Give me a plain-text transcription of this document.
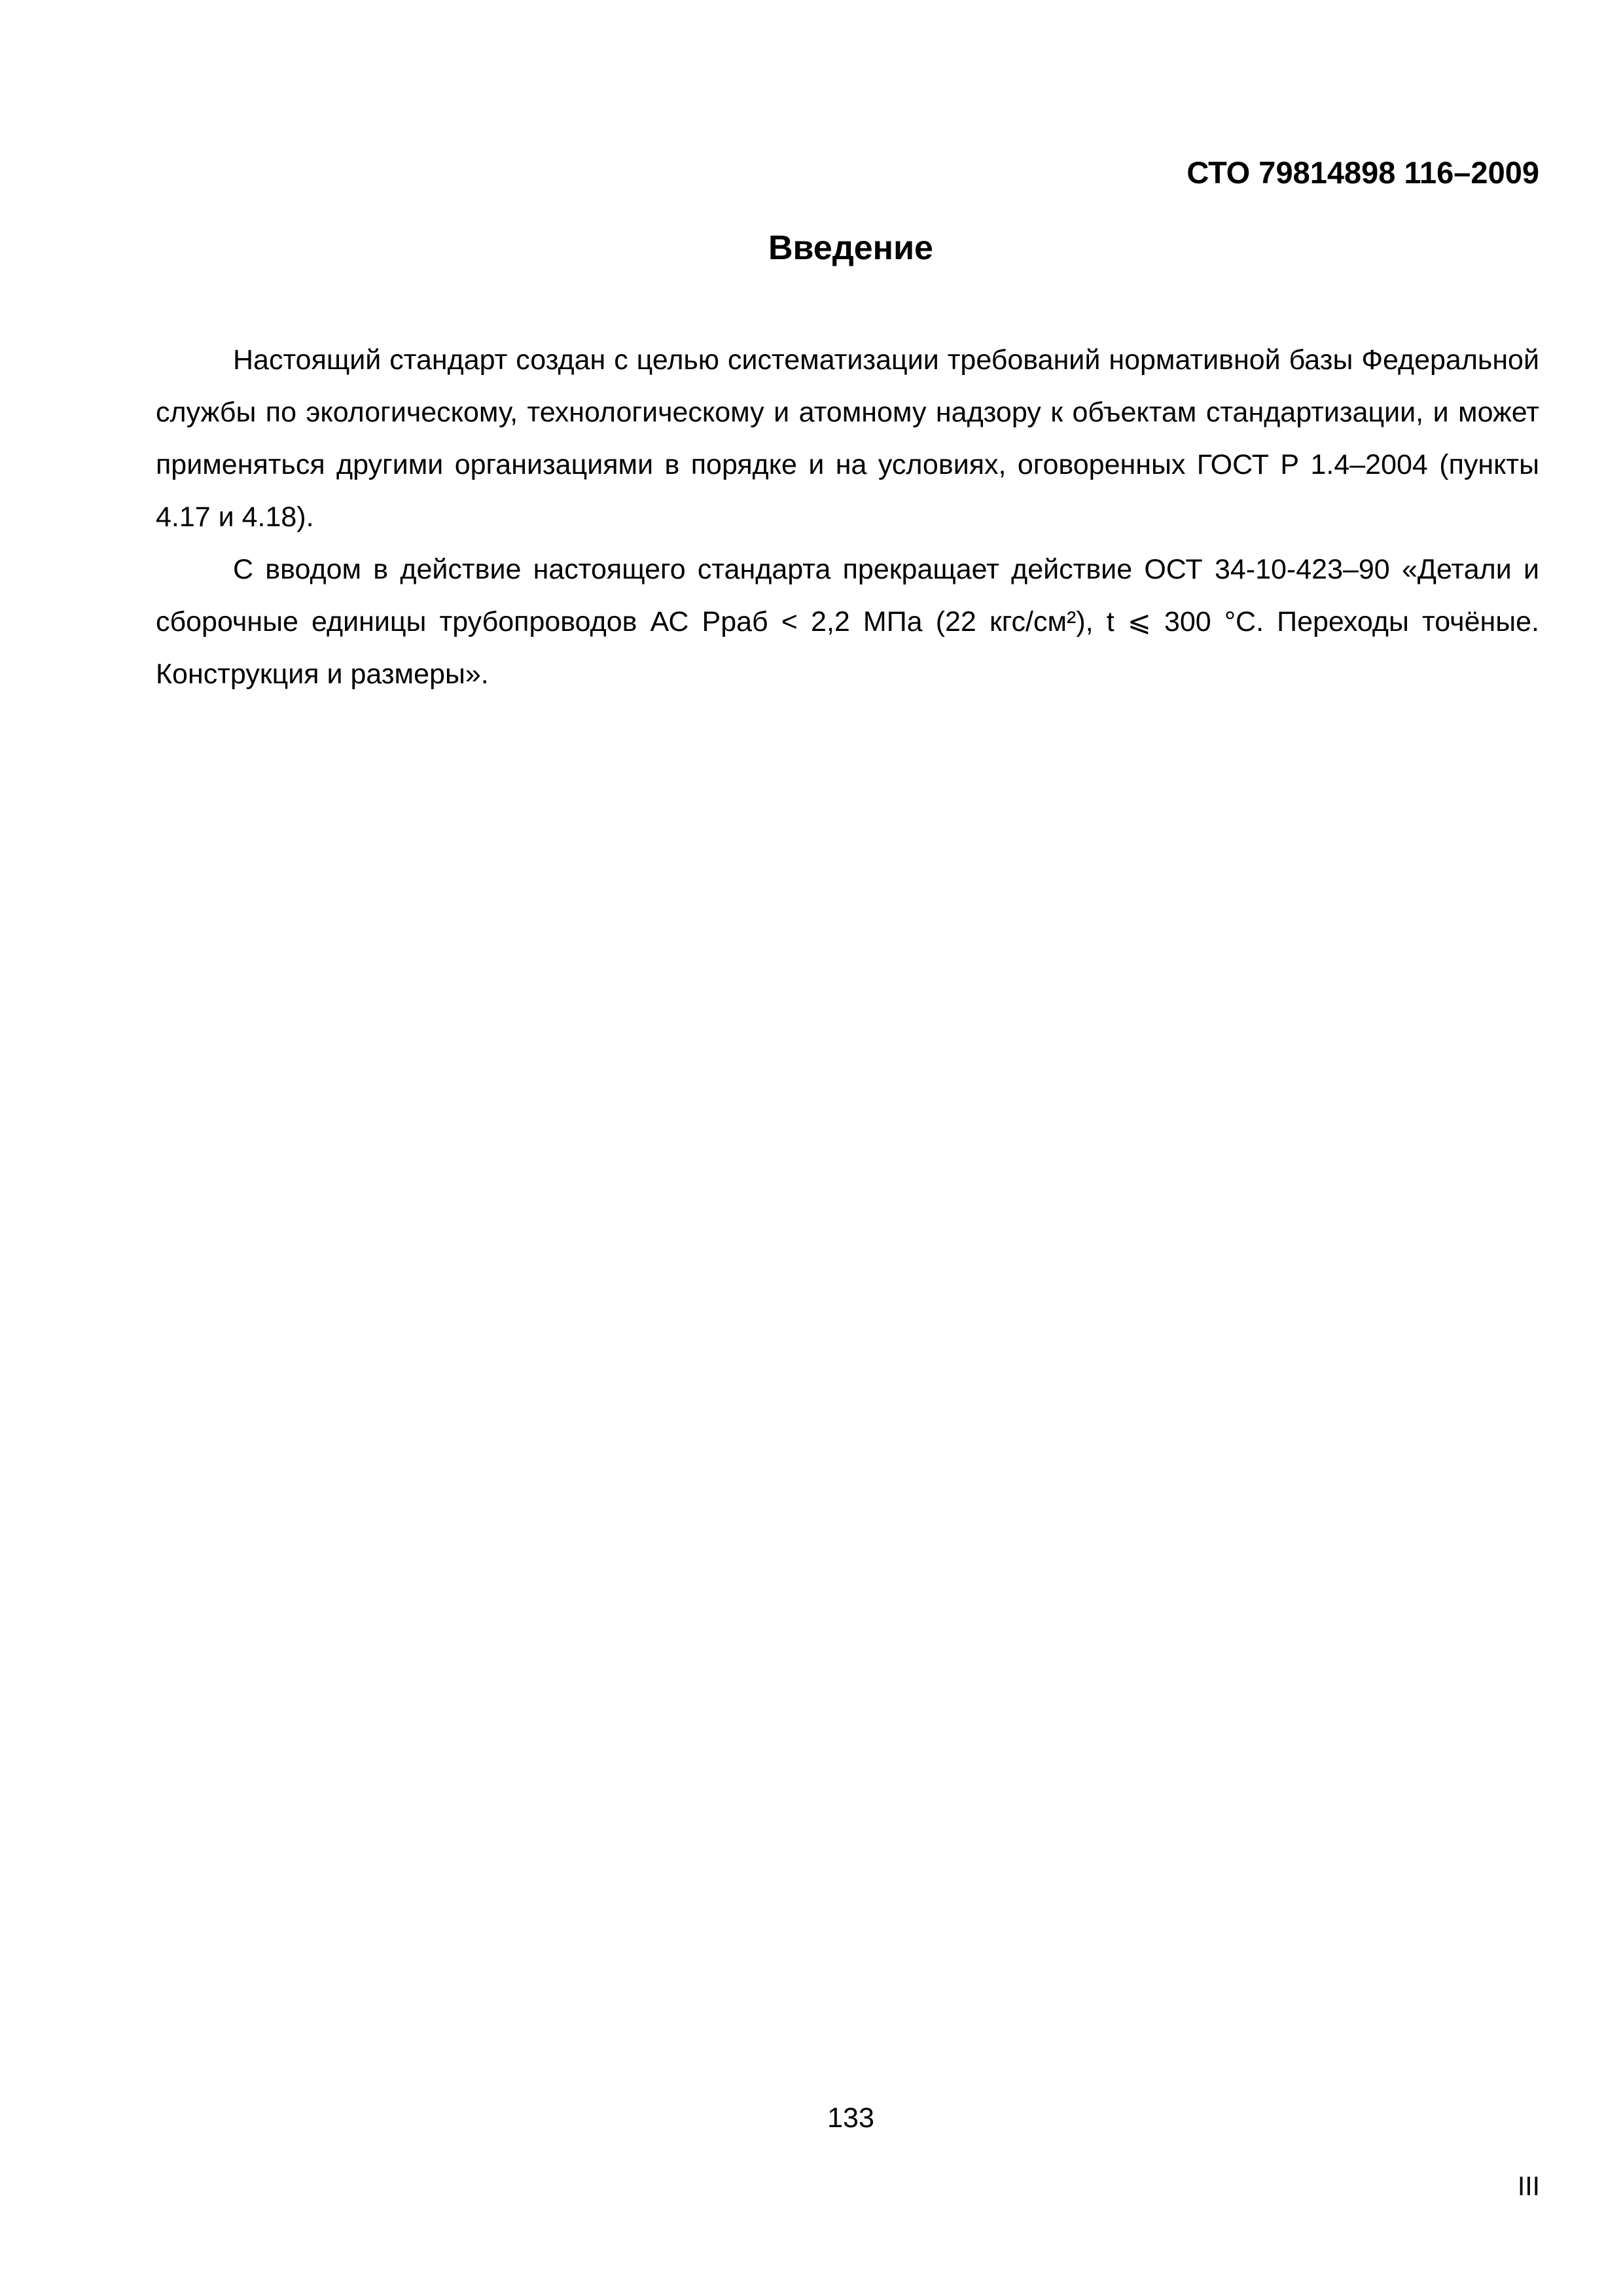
СТО 79814898 116–2009
Введение

Настоящий стандарт создан с целью систематизации требований нормативной базы Федеральной службы по экологическому, технологическому и атомному надзору к объектам стандартизации, и может применяться другими организациями в порядке и на условиях, оговоренных ГОСТ Р 1.4–2004 (пункты 4.17 и 4.18).

С вводом в действие настоящего стандарта прекращает действие ОСТ 34-10-423–90 «Детали и сборочные единицы трубопроводов АС Рраб < 2,2 МПа (22 кгс/см²), t ⩽ 300 °С. Переходы точёные. Конструкция и размеры».

133
III
